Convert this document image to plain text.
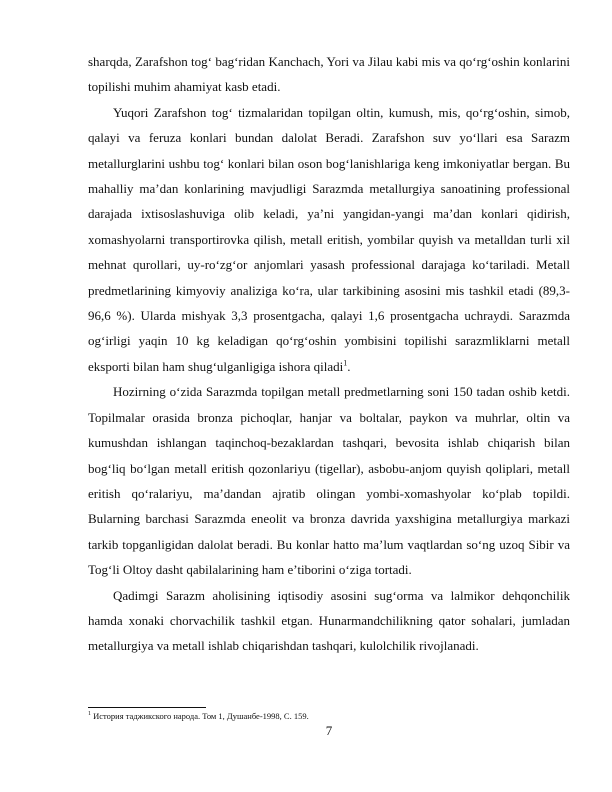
sharqda, Zarafshon tog‘ bag‘ridan Kanchach, Yori va Jilau kabi mis va qo‘rg‘oshin konlarini topilishi muhim ahamiyat kasb etadi.

Yuqori Zarafshon tog‘ tizmalaridan topilgan oltin, kumush, mis, qo‘rg‘oshin, simob, qalayi va feruza konlari bundan dalolat Beradi. Zarafshon suv yo‘llari esa Sarazm metallurglarini ushbu tog‘ konlari bilan oson bog‘lanishlariga keng imkoniyatlar bergan. Bu mahalliy ma’dan konlarining mavjudligi Sarazmda metallurgiya sanoatining professional darajada ixtisoslashuviga olib keladi, ya’ni yangidan-yangi ma’dan konlari qidirish, xomashyolarni transportirovka qilish, metall eritish, yombilar quyish va metalldan turli xil mehnat qurollari, uy-ro‘zg‘or anjomlari yasash professional darajaga ko‘tariladi. Metall predmetlarining kimyoviy analiziga ko‘ra, ular tarkibining asosini mis tashkil etadi (89,3-96,6 %). Ularda mishyak 3,3 prosentgacha, qalayi 1,6 prosentgacha uchraydi. Sarazmda og‘irligi yaqin 10 kg keladigan qo‘rg‘oshin yombisini topilishi sarazmliklarni metall eksporti bilan ham shug‘ulganligiga ishora qiladi$^1$.

Hozirning o‘zida Sarazmda topilgan metall predmetlarning soni 150 tadan oshib ketdi. Topilmalar orasida bronza pichoqlar, hanjar va boltalar, paykon va muhrlar, oltin va kumushdan ishlangan taqinchoq-bezaklardan tashqari, bevosita ishlab chiqarish bilan bog‘liq bo‘lgan metall eritish qozonlariyu (tigellar), asbobu-anjom quyish qoliplari, metall eritish qo‘ralariyu, ma’dandan ajratib olingan yombi-xomashyolar ko‘plab topildi. Bularning barchasi Sarazmda eneolit va bronza davrida yaxshigina metallurgiya markazi tarkib topganligidan dalolat beradi. Bu konlar hatto ma’lum vaqtlardan so‘ng uzoq Sibir va Tog‘li Oltoy dasht qabilalarining ham e’tiborini o‘ziga tortadi.

Qadimgi Sarazm aholisining iqtisodiy asosini sug‘orma va lalmikor dehqonchilik hamda xonaki chorvachilik tashkil etgan. Hunarmandchilikning qator sohalari, jumladan metallurgiya va metall ishlab chiqarishdan tashqari, kulolchilik rivojlanadi.

$^1$ История таджикского народа. Том 1, Душанбе-1998, С. 159.
7
